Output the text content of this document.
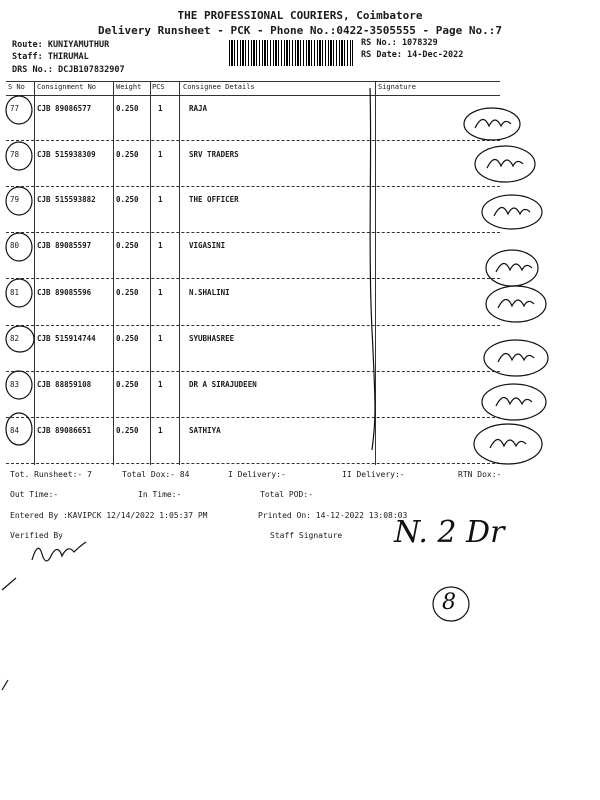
THE PROFESSIONAL COURIERS, Coimbatore
Delivery Runsheet - PCK - Phone No.:0422-3505555 - Page No.:7
Route: KUNIYAMUTHUR
Staff: THIRUMAL
DRS No.: DCJB107832907
RS No.: 1078329
RS Date: 14-Dec-2022
S No Consignment No	Weight PCS	Consignee Details	Signature
77 CJB 89086577	0.250	1	RAJA
78 CJB 515938309	0.250	1	SRV TRADERS
79 CJB 515593882	0.250	1	THE OFFICER
80 CJB 89085597	0.250	1	VIGASINI
81 CJB 89085596	0.250	1	N.SHALINI
82 CJB 515914744	0.250	1	SYUBHASREE
83 CJB 88859108	0.250	1	DR A SIRAJUDEEN
84 CJB 89086651	0.250	1	SATHIYA
Tot. Runsheet:- 7	Total Dox:- 84	I Delivery:-	II Delivery:-	RTN Dox:-
Out Time:-	In Time:-	Total POD:-
Entered By :KAVIPCK 12/14/2022 1:05:37 PM	Printed On: 14-12-2022 13:08:03
Verified By	Staff Signature N. 2 Dr
8
